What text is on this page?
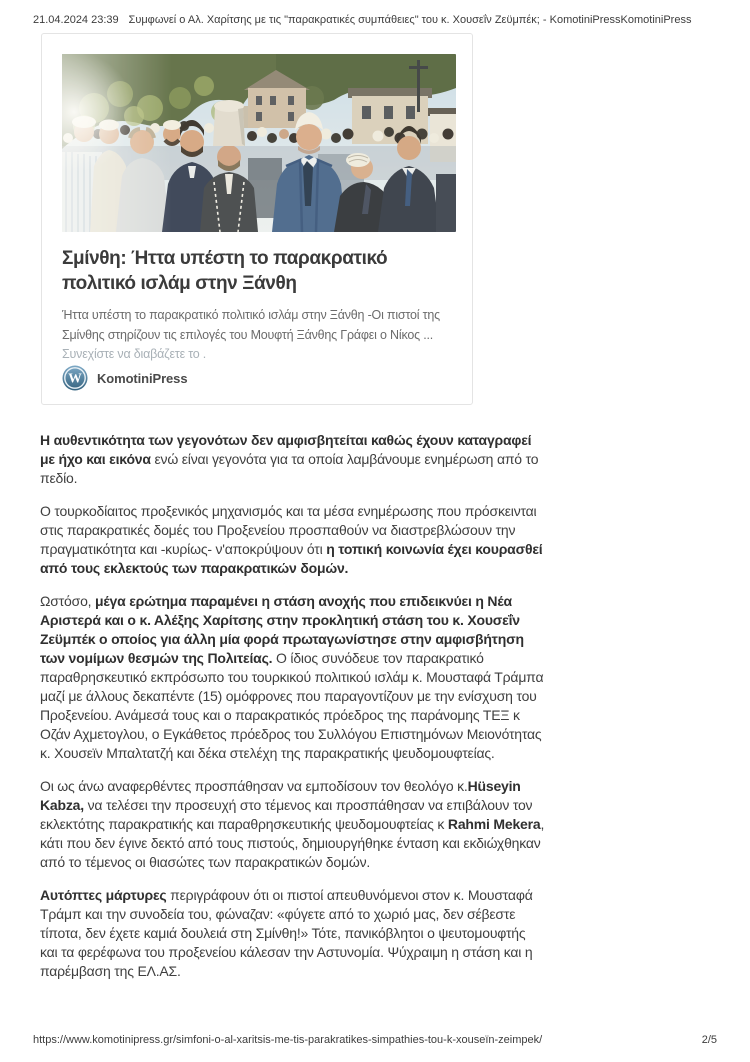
21.04.2024 23:39 Συμφωνεί ο Αλ. Χαρίτσης με τις "παρακρατικές συμπάθειες" του κ. Χουσεΐν Ζεϋμπέκ; - KomotiniPressKomotiniPress
Σμίνθη: Ήττα υπέστη το παρακρατικό πολιτικό ισλάμ στην Ξάνθη
Ήττα υπέστη το παρακρατικό πολιτικό ισλάμ στην Ξάνθη -Οι πιστοί της Σμίνθης στηρίζουν τις επιλογές του Μουφτή Ξάνθης Γράφει ο Νίκος ... Συνεχίστε να διαβάζετε το .
W KomotiniPress

Η αυθεντικότητα των γεγονότων δεν αμφισβητείται καθώς έχουν καταγραφεί με ήχο και εικόνα ενώ είναι γεγονότα για τα οποία λαμβάνουμε ενημέρωση από το πεδίο.

Ο τουρκοδίαιτος προξενικός μηχανισμός και τα μέσα ενημέρωσης που πρόσκεινται στις παρακρατικές δομές του Προξενείου προσπαθούν να διαστρεβλώσουν την πραγματικότητα και -κυρίως- ν'αποκρύψουν ότι η τοπική κοινωνία έχει κουρασθεί από τους εκλεκτούς των παρακρατικών δομών.

Ωστόσο, μέγα ερώτημα παραμένει η στάση ανοχής που επιδεικνύει η Νέα Αριστερά και ο κ. Αλέξης Χαρίτσης στην προκλητική στάση του κ. Χουσεΐν Ζεϋμπέκ ο οποίος για άλλη μία φορά πρωταγωνίστησε στην αμφισβήτηση των νομίμων θεσμών της Πολιτείας. Ο ίδιος συνόδευε τον παρακρατικό παραθρησκευτικό εκπρόσωπο του τουρκικού πολιτικού ισλάμ κ. Μουσταφά Τράμπα μαζί με άλλους δεκαπέντε (15) ομόφρονες που παραγοντίζουν με την ενίσχυση του Προξενείου. Ανάμεσά τους και ο παρακρατικός πρόεδρος της παράνομης ΤΕΞ κ Οζάν Αχμετογλου, ο Εγκάθετος πρόεδρος του Συλλόγου Επιστημόνων Μειονότητας κ. Χουσεϊν Μπαλτατζή και δέκα στελέχη της παρακρατικής ψευδομουφτείας.

Οι ως άνω αναφερθέντες προσπάθησαν να εμποδίσουν τον θεολόγο κ.Hüseyin Kabza, να τελέσει την προσευχή στο τέμενος και προσπάθησαν να επιβάλουν τον εκλεκτότης παρακρατικής και παραθρησκευτικής ψευδομουφτείας κ Rahmi Mekera, κάτι που δεν έγινε δεκτό από τους πιστούς, δημιουργήθηκε ένταση και εκδιώχθηκαν από το τέμενος οι θιασώτες των παρακρατικών δομών.

Αυτόπτες μάρτυρες περιγράφουν ότι οι πιστοί απευθυνόμενοι στον κ. Μουσταφά Τράμπ και την συνοδεία του, φώναζαν: «φύγετε από το χωριό μας, δεν σέβεστε τίποτα, δεν έχετε καμιά δουλειά στη Σμίνθη!» Τότε, πανικόβλητοι ο ψευτομουφτής και τα φερέφωνα του προξενείου κάλεσαν την Αστυνομία. Ψύχραιμη η στάση και η παρέμβαση της ΕΛ.ΑΣ.

https://www.komotinipress.gr/simfoni-o-al-xaritsis-me-tis-parakratikes-simpathies-tou-k-xouseïn-zeimpek/	2/5
